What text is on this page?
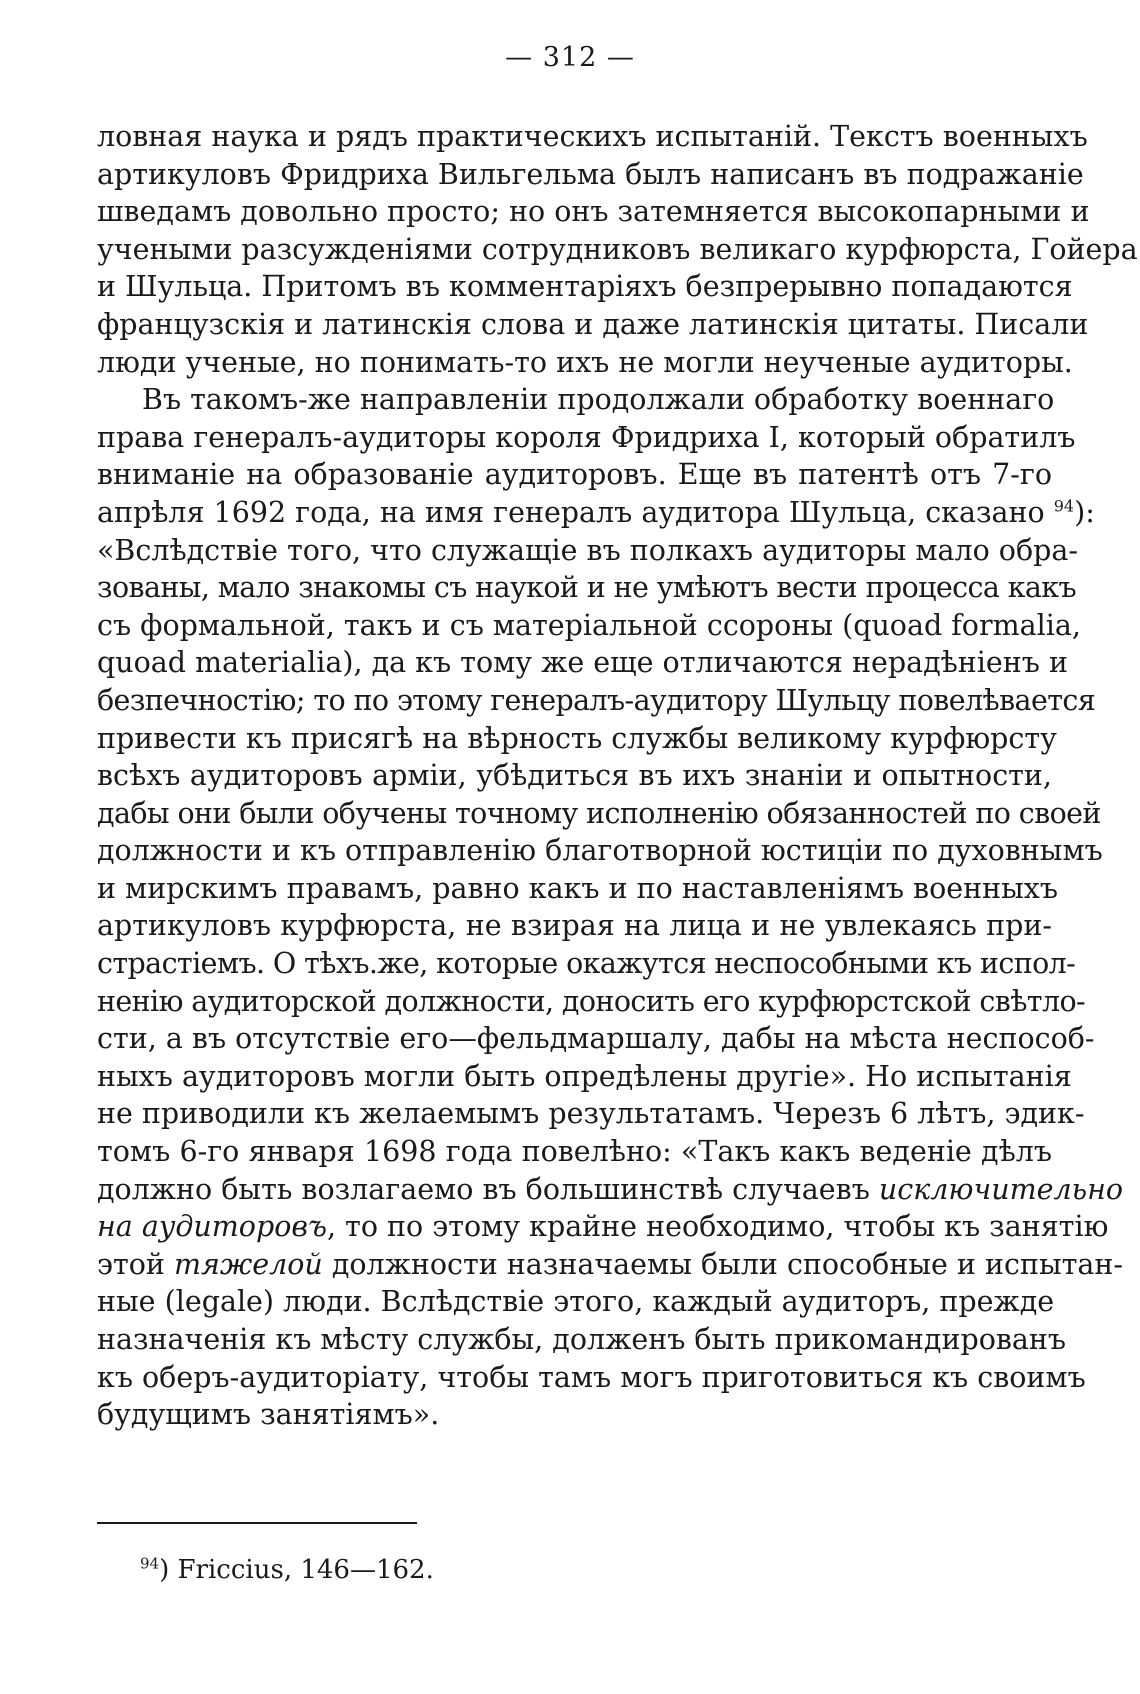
— 312 —
ловная наука и рядъ практическихъ испытаній. Текстъ военныхъ
артикуловъ Фридриха Вильгельма былъ написанъ въ подражаніе
шведамъ довольно просто; но онъ затемняется высокопарными и
учеными разсужденіями сотрудниковъ великаго курфюрста, Гойера
и Шульца. Притомъ въ комментаріяхъ безпрерывно попадаются
французскія и латинскія слова и даже латинскія цитаты. Писали
люди ученые, но понимать-то ихъ не могли неученые аудиторы.
Въ такомъ-же направленіи продолжали обработку военнаго
права генералъ-аудиторы короля Фридриха I, который обратилъ
вниманіе на образованіе аудиторовъ. Еще въ патентѣ отъ 7-го
апрѣля 1692 года, на имя генералъ аудитора Шульца, сказано $^{94}$):
«Вслѣдствіе того, что служащіе въ полкахъ аудиторы мало обра-
зованы, мало знакомы съ наукой и не умѣютъ вести процесса какъ
съ формальной, такъ и съ матеріальной ссороны (quoad formalia,
quoad materialia), да къ тому же еще отличаются нерадѣніенъ и
безпечностію; то по этому генералъ-аудитору Шульцу повелѣвается
привести къ присягѣ на вѣрность службы великому курфюрсту
всѣхъ аудиторовъ арміи, убѣдиться въ ихъ знаніи и опытности,
дабы они были обучены точному исполненію обязанностей по своей
должности и къ отправленію благотворной юстиціи по духовнымъ
и мирскимъ правамъ, равно какъ и по наставленіямъ военныхъ
артикуловъ курфюрста, не взирая на лица и не увлекаясь при-
страстіемъ. О тѣхъ.же, которые окажутся неспособными къ испол-
ненію аудиторской должности, доносить его курфюрстской свѣтло-
сти, а въ отсутствіе его—фельдмаршалу, дабы на мѣста неспособ-
ныхъ аудиторовъ могли быть опредѣлены другіе». Но испытанія
не приводили къ желаемымъ результатамъ. Черезъ 6 лѣтъ, эдик-
томъ 6-го января 1698 года повелѣно: «Такъ какъ веденіе дѣлъ
должно быть возлагаемо въ большинствѣ случаевъ исключительно
на аудиторовъ, то по этому крайне необходимо, чтобы къ занятію
этой тяжелой должности назначаемы были способные и испытан-
ные (legale) люди. Вслѣдствіе этого, каждый аудиторъ, прежде
назначенія къ мѣсту службы, долженъ быть прикомандированъ
къ оберъ-аудиторіату, чтобы тамъ могъ приготовиться къ своимъ
будущимъ занятіямъ».
$^{94}$) Friccius, 146—162.
